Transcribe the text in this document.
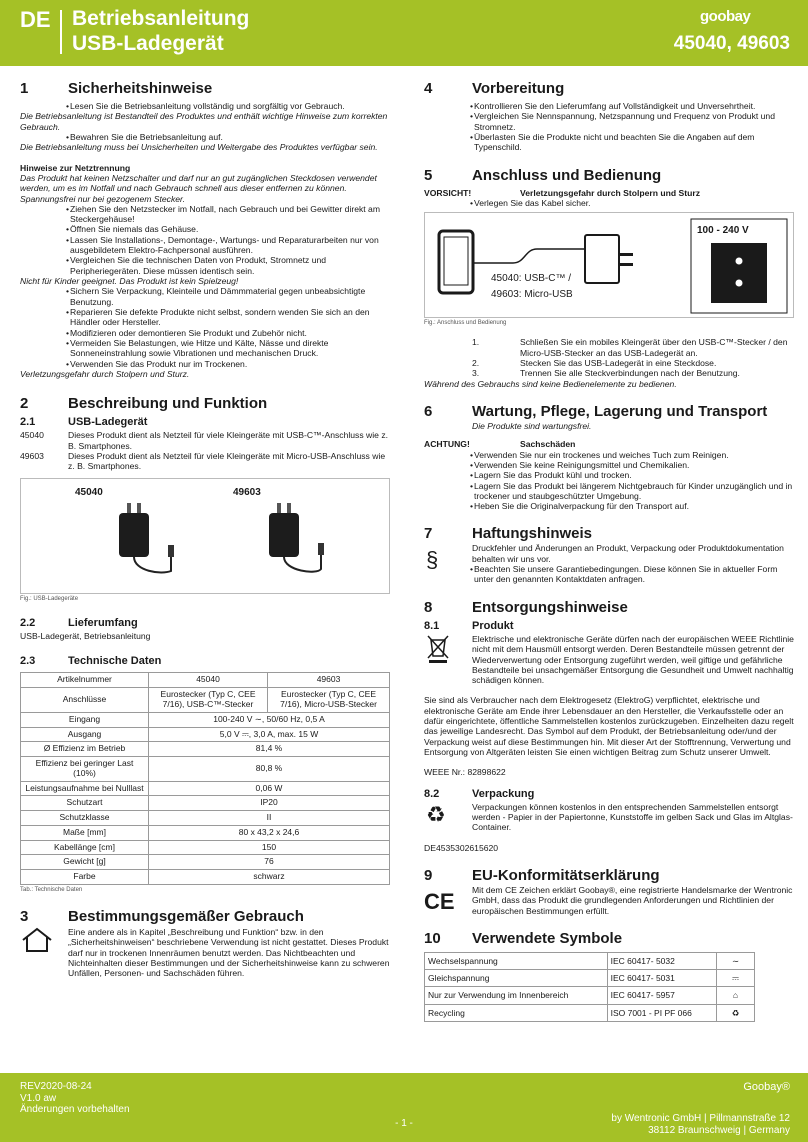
DE Betriebsanleitung
USB-Ladegerät
goobay
45040, 49603
1	Sicherheitshinweise
• Lesen Sie die Betriebsanleitung vollständig und sorgfältig vor Gebrauch.

Die Betriebsanleitung ist Bestandteil des Produktes und enthält wichtige Hinweise zum korrekten Gebrauch.

• Bewahren Sie die Betriebsanleitung auf.

Die Betriebsanleitung muss bei Unsicherheiten und Weitergabe des Produktes verfügbar sein.

Hinweise zur Netztrennung

Das Produkt hat keinen Netzschalter und darf nur an gut zugänglichen Steckdosen verwendet werden, um es im Notfall und nach Gebrauch schnell aus dieser entfernen zu können.

Spannungsfrei nur bei gezogenem Stecker.

• Ziehen Sie den Netzstecker im Notfall, nach Gebrauch und bei Gewitter direkt am Steckergehäuse!
• Öffnen Sie niemals das Gehäuse.
• Lassen Sie Installations-, Demontage-, Wartungs- und Reparaturarbeiten nur von ausgebildetem Elektro-Fachpersonal ausführen.
• Vergleichen Sie die technischen Daten von Produkt, Stromnetz und Peripheriegeräten. Diese müssen identisch sein.

Nicht für Kinder geeignet. Das Produkt ist kein Spielzeug!

• Sichern Sie Verpackung, Kleinteile und Dämmmaterial gegen unbeabsichtigte Benutzung.
• Reparieren Sie defekte Produkte nicht selbst, sondern wenden Sie sich an den Händler oder Hersteller.
• Modifizieren oder demontieren Sie Produkt und Zubehör nicht.
• Vermeiden Sie Belastungen, wie Hitze und Kälte, Nässe und direkte Sonneneinstrahlung sowie Vibrationen und mechanischen Druck.
• Verwenden Sie das Produkt nur im Trockenen.

Verletzungsgefahr durch Stolpern und Sturz.

2	Beschreibung und Funktion
2.1	USB-Ladegerät
45040	Dieses Produkt dient als Netzteil für viele Kleingeräte mit USB-C™-Anschluss wie z. B. Smartphones.
49603	Dieses Produkt dient als Netzteil für viele Kleingeräte mit Micro-USB-Anschluss wie z. B. Smartphones.
45040	49603

Fig.: USB-Ladegeräte

2.2	Lieferumfang

USB-Ladegerät, Betriebsanleitung

2.3	Technische Daten
Artikelnummer	45040	49603
Anschlüsse	Eurostecker (Typ C, CEE 7/16), USB-C™-Stecker	Eurostecker (Typ C, CEE 7/16), Micro-USB-Stecker
Eingang	100-240 V ∼, 50/60 Hz, 0,5 A	
Ausgang	5,0 V ⎓, 3,0 A, max. 15 W	
Ø Effizienz im Betrieb	81,4 %	
Effizienz bei geringer Last (10%)	80,8 %	
Leistungsaufnahme bei Nulllast	0,06 W	
Schutzart	IP20	
Schutzklasse	II	
Maße [mm]	80 x 43,2 x 24,6	
Kabellänge [cm]	150	
Gewicht [g]	76	
Farbe	schwarz	

Tab.: Technische Daten

3	Bestimmungsgemäßer Gebrauch

Eine andere als in Kapitel „Beschreibung und Funktion“ bzw. in den „Sicherheitshinweisen“ beschriebene Verwendung ist nicht gestattet. Dieses Produkt darf nur in trockenen Innenräumen benutzt werden. Das Nichtbeachten und Nichteinhalten dieser Bestimmungen und der Sicherheitshinweise kann zu schweren Unfällen, Personen- und Sachschäden führen.

4	Vorbereitung
• Kontrollieren Sie den Lieferumfang auf Vollständigkeit und Unversehrtheit.
• Vergleichen Sie Nennspannung, Netzspannung und Frequenz von Produkt und Stromnetz.
• Überlasten Sie die Produkte nicht und beachten Sie die Angaben auf dem Typenschild.
5	Anschluss und Bedienung
VORSICHT!	Verletzungsgefahr durch Stolpern und Sturz
• Verlegen Sie das Kabel sicher.
100 - 240 V
45040: USB-C™ /
49603: Micro-USB

Fig.: Anschluss und Bedienung

1.	Schließen Sie ein mobiles Kleingerät über den USB-C™-Stecker / den Micro-USB-Stecker an das USB-Ladegerät an.
2.	Stecken Sie das USB-Ladegerät in eine Steckdose.
3.	Trennen Sie alle Steckverbindungen nach der Benutzung.

Während des Gebrauchs sind keine Bedienelemente zu bedienen.

6	Wartung, Pflege, Lagerung und Transport

Die Produkte sind wartungsfrei.

ACHTUNG!	Sachschäden
• Verwenden Sie nur ein trockenes und weiches Tuch zum Reinigen.
• Verwenden Sie keine Reinigungsmittel und Chemikalien.
• Lagern Sie das Produkt kühl und trocken.
• Lagern Sie das Produkt bei längerem Nichtgebrauch für Kinder unzugänglich und in trockener und staubgeschützter Umgebung.
• Heben Sie die Originalverpackung für den Transport auf.
7	Haftungshinweis
§	Druckfehler und Änderungen an Produkt, Verpackung oder Produktdokumentation behalten wir uns vor.

• Beachten Sie unsere Garantiebedingungen. Diese können Sie in aktueller Form unter den genannten Kontaktdaten anfragen.
8	Entsorgungshinweise
8.1	Produkt

Elektrische und elektronische Geräte dürfen nach der europäischen WEEE Richtlinie nicht mit dem Hausmüll entsorgt werden. Deren Bestandteile müssen getrennt der Wiederverwertung oder Entsorgung zugeführt werden, weil giftige und gefährliche Bestandteile bei unsachgemäßer Entsorgung die Gesundheit und Umwelt nachhaltig schädigen können.

Sie sind als Verbraucher nach dem Elektrogesetz (ElektroG) verpflichtet, elektrische und elektronische Geräte am Ende ihrer Lebensdauer an den Hersteller, die Verkaufsstelle oder an dafür eingerichtete, öffentliche Sammelstellen kostenlos zurückzugeben. Einzelheiten dazu regelt das jeweilige Landesrecht. Das Symbol auf dem Produkt, der Betriebsanleitung oder/und der Verpackung weist auf diese Bestimmungen hin. Mit dieser Art der Stofftrennung, Verwertung und Entsorgung von Altgeräten leisten Sie einen wichtigen Beitrag zum Schutz unserer Umwelt.

WEEE Nr.: 82898622

8.2	Verpackung
♻	Verpackungen können kostenlos in den entsprechenden Sammelstellen entsorgt werden - Papier in der Papiertonne, Kunststoffe im gelben Sack und Glas im Altglas-Container.

DE4535302615620

9	EU-Konformitätserklärung
CE Mit dem CE Zeichen erklärt Goobay®, eine registrierte Handelsmarke der Wentronic GmbH, dass das Produkt die grundlegenden Anforderungen und Richtlinien der europäischen Bestimmungen erfüllt.

10	Verwendete Symbole
Wechselspannung	IEC 60417- 5032	∼
Gleichspannung	IEC 60417- 5031	⎓
Nur zur Verwendung im Innenbereich	IEC 60417- 5957	⌂
Recycling	ISO 7001 - PI PF 066	♻
REV2020-08-24
V1.0 aw
Änderungen vorbehalten
- 1 -
Goobay®
by Wentronic GmbH | Pillmannstraße 12
38112 Braunschweig | Germany
